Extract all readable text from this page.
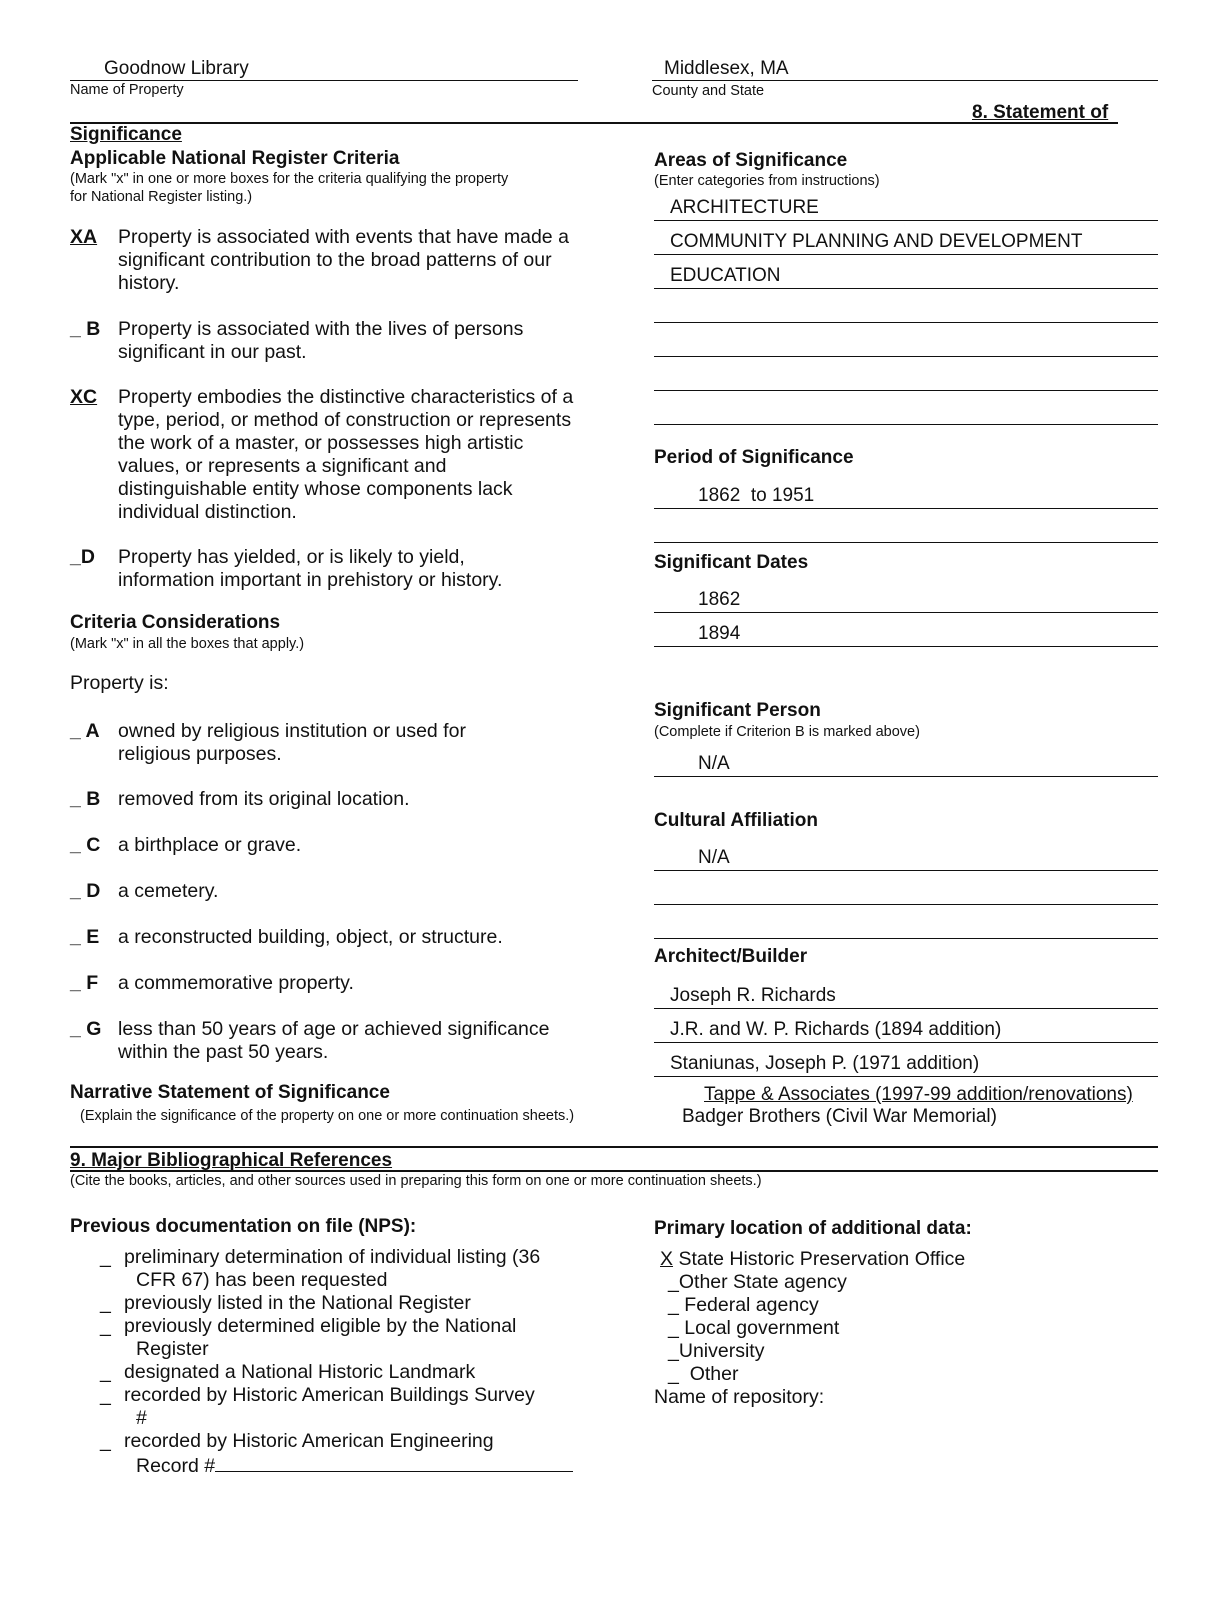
Goodnow Library
Name of Property
Middlesex, MA
County and State
8. Statement of
Significance
Applicable National Register Criteria
(Mark "x" in one or more boxes for the criteria qualifying the property
for National Register listing.)
XA	Property is associated with events that have made a significant contribution to the broad patterns of our history.
_ B Property is associated with the lives of persons significant in our past.
XC	Property embodies the distinctive characteristics of a type, period, or method of construction or represents the work of a master, or possesses high artistic values, or represents a significant and distinguishable entity whose components lack individual distinction.
_D	Property has yielded, or is likely to yield, information important in prehistory or history.
Criteria Considerations
(Mark "x" in all the boxes that apply.)
Property is:
_ A owned by religious institution or used for religious purposes.
_ B removed from its original location.
_ C a birthplace or grave.
_ D a cemetery.
_ E a reconstructed building, object, or structure.
_ F	a commemorative property.
_ G less than 50 years of age or achieved significance within the past 50 years.
Narrative Statement of Significance
(Explain the significance of the property on one or more continuation sheets.)
Areas of Significance
(Enter categories from instructions)
ARCHITECTURE
COMMUNITY PLANNING AND DEVELOPMENT
EDUCATION
Period of Significance
1862  to 1951
Significant Dates
1862
1894
Significant Person
(Complete if Criterion B is marked above)
N/A
Cultural Affiliation
N/A
Architect/Builder
Joseph R. Richards
J.R. and W. P. Richards (1894 addition)
Staniunas, Joseph P. (1971 addition)
Tappe & Associates (1997-99 addition/renovations)
Badger Brothers (Civil War Memorial)
9. Major Bibliographical References
(Cite the books, articles, and other sources used in preparing this form on one or more continuation sheets.)
Previous documentation on file (NPS):
_ preliminary determination of individual listing (36
CFR 67) has been requested
_ previously listed in the National Register
_ previously determined eligible by the National
Register
_ designated a National Historic Landmark
_ recorded by Historic American Buildings Survey
#
_ recorded by Historic American Engineering
Record #
Primary location of additional data:
X State Historic Preservation Office
_Other State agency
_ Federal agency
_ Local government
_University
_  Other
Name of repository:
